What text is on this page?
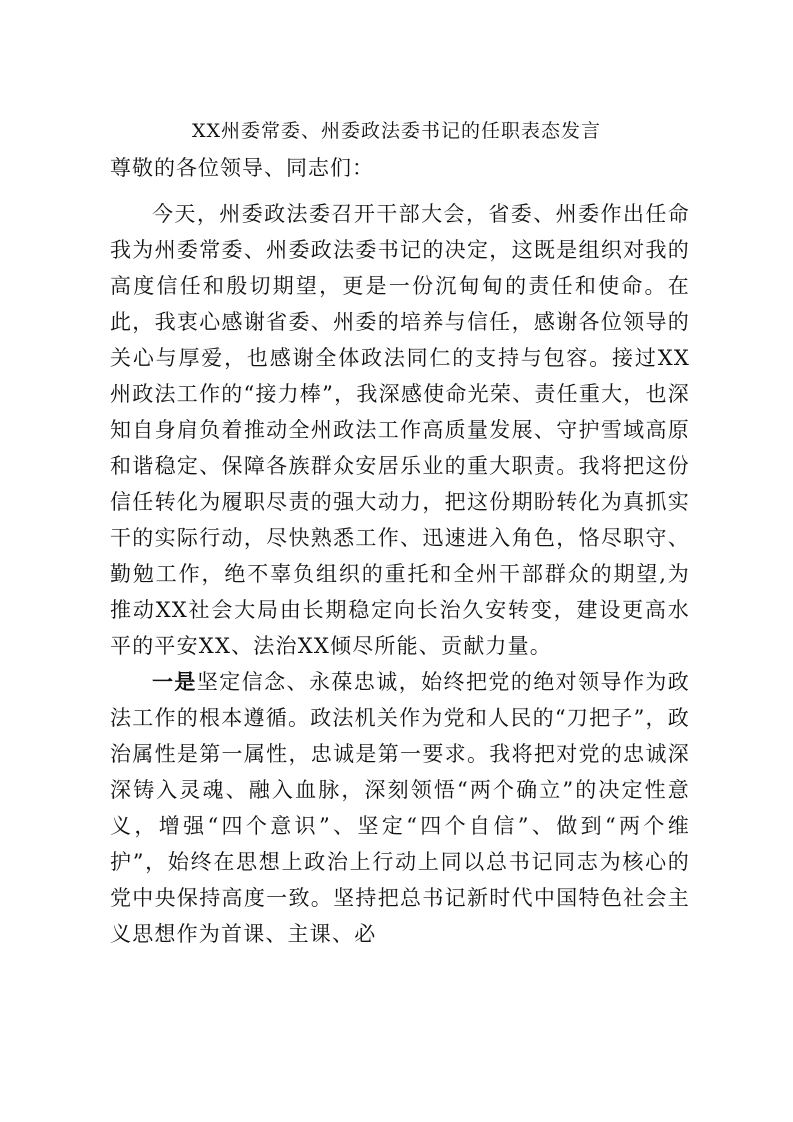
XX州委常委、州委政法委书记的任职表态发言
尊敬的各位领导、同志们：

今天，州委政法委召开干部大会，省委、州委作出任命我为州委常委、州委政法委书记的决定，这既是组织对我的高度信任和殷切期望，更是一份沉甸甸的责任和使命。在此，我衷心感谢省委、州委的培养与信任，感谢各位领导的关心与厚爱，也感谢全体政法同仁的支持与包容。接过XX州政法工作的“接力棒”，我深感使命光荣、责任重大，也深知自身肩负着推动全州政法工作高质量发展、守护雪域高原和谐稳定、保障各族群众安居乐业的重大职责。我将把这份信任转化为履职尽责的强大动力，把这份期盼转化为真抓实干的实际行动，尽快熟悉工作、迅速进入角色，恪尽职守、勤勉工作，绝不辜负组织的重托和全州干部群众的期望,为推动XX社会大局由长期稳定向长治久安转变，建设更高水平的平安XX、法治XX倾尽所能、贡献力量。

一是坚定信念、永葆忠诚，始终把党的绝对领导作为政法工作的根本遵循。政法机关作为党和人民的“刀把子”，政治属性是第一属性，忠诚是第一要求。我将把对党的忠诚深深铸入灵魂、融入血脉，深刻领悟“两个确立”的决定性意义，增强“四个意识”、坚定“四个自信”、做到“两个维护”，始终在思想上政治上行动上同以总书记同志为核心的党中央保持高度一致。坚持把总书记新时代中国特色社会主义思想作为首课、主课、必
